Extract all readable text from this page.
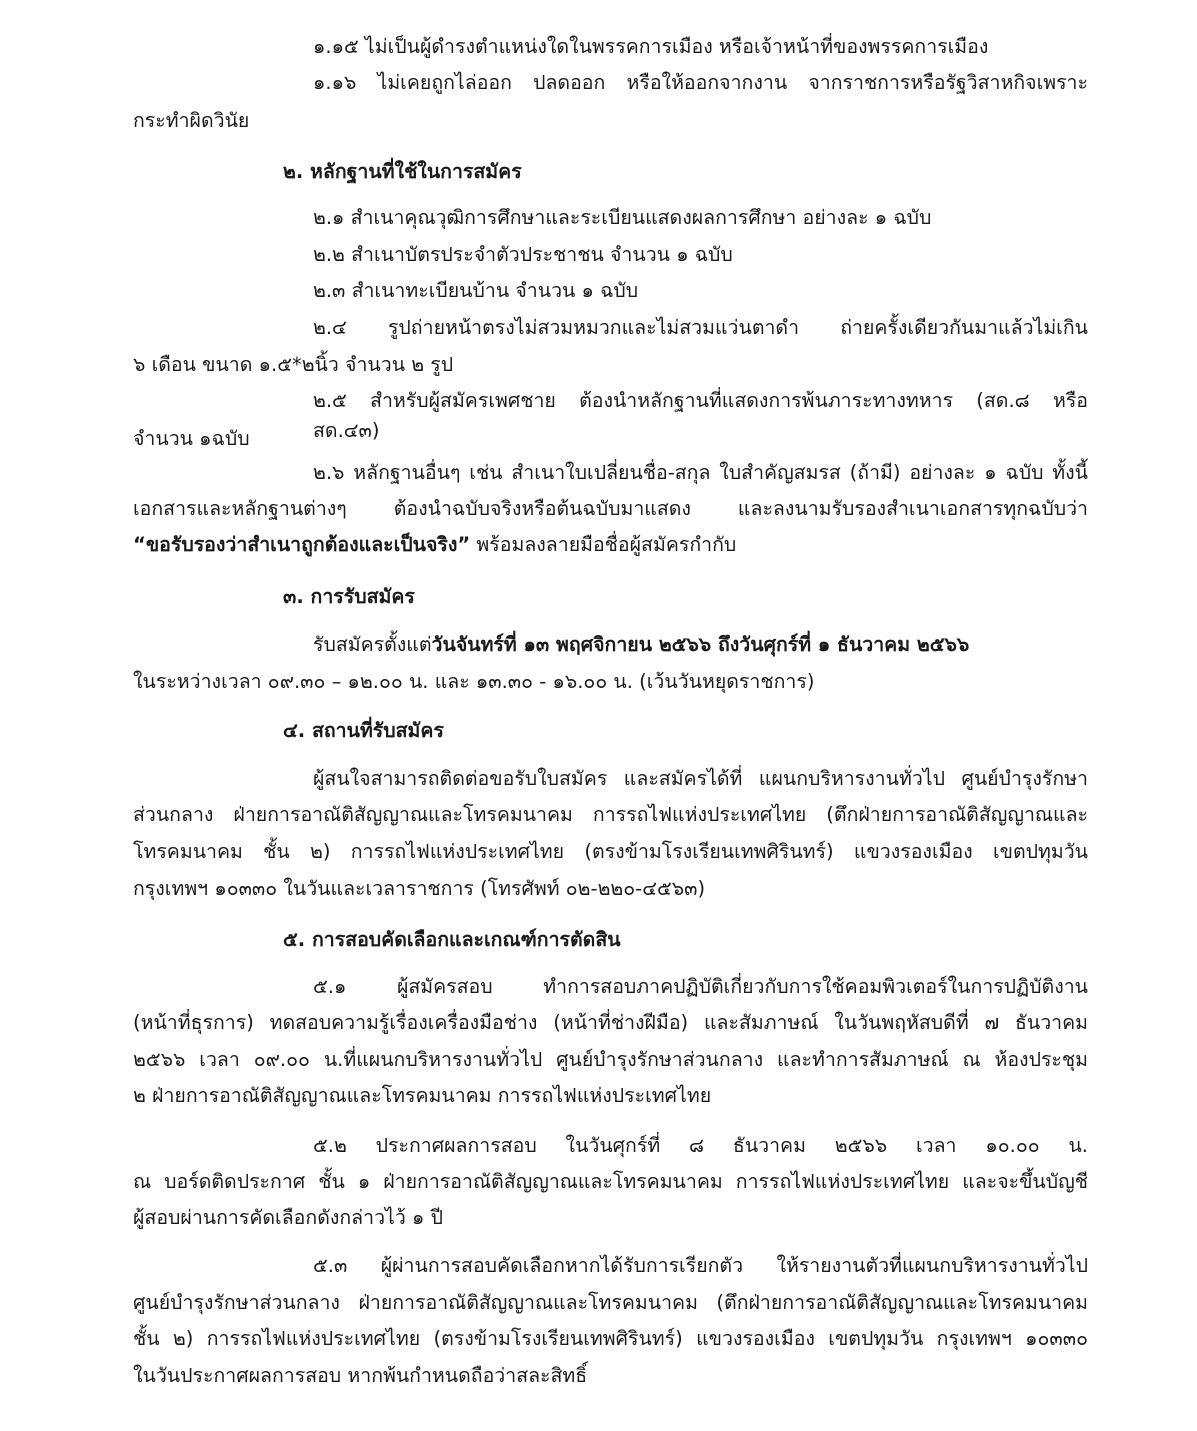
๑.๑๕ ไม่เป็นผู้ดำรงตำแหน่งใดในพรรคการเมือง หรือเจ้าหน้าที่ของพรรคการเมือง
๑.๑๖ ไม่เคยถูกไล่ออก ปลดออก หรือให้ออกจากงาน จากราชการหรือรัฐวิสาหกิจเพราะ
กระทำผิดวินัย
๒. หลักฐานที่ใช้ในการสมัคร
๒.๑ สำเนาคุณวุฒิการศึกษาและระเบียนแสดงผลการศึกษา อย่างละ ๑ ฉบับ
๒.๒ สำเนาบัตรประจำตัวประชาชน จำนวน ๑ ฉบับ
๒.๓ สำเนาทะเบียนบ้าน จำนวน ๑ ฉบับ
๒.๔ รูปถ่ายหน้าตรงไม่สวมหมวกและไม่สวมแว่นตาดำ ถ่ายครั้งเดียวกันมาแล้วไม่เกิน
๖ เดือน ขนาด ๑.๕*๒นิ้ว จำนวน ๒ รูป
๒.๕ สำหรับผู้สมัครเพศชาย ต้องนำหลักฐานที่แสดงการพ้นภาระทางทหาร (สด.๘ หรือ สด.๔๓)
จำนวน ๑ฉบับ
๒.๖ หลักฐานอื่นๆ เช่น สำเนาใบเปลี่ยนชื่อ-สกุล ใบสำคัญสมรส (ถ้ามี) อย่างละ ๑ ฉบับ ทั้งนี้
เอกสารและหลักฐานต่างๆ ต้องนำฉบับจริงหรือต้นฉบับมาแสดง และลงนามรับรองสำเนาเอกสารทุกฉบับว่า
“ขอรับรองว่าสำเนาถูกต้องและเป็นจริง” พร้อมลงลายมือชื่อผู้สมัครกำกับ
๓. การรับสมัคร
รับสมัครตั้งแต่วันจันทร์ที่ ๑๓ พฤศจิกายน ๒๕๖๖ ถึงวันศุกร์ที่ ๑ ธันวาคม ๒๕๖๖
ในระหว่างเวลา ๐๙.๓๐ – ๑๒.๐๐ น. และ ๑๓.๓๐ - ๑๖.๐๐ น. (เว้นวันหยุดราชการ)
๔. สถานที่รับสมัคร
ผู้สนใจสามารถติดต่อขอรับใบสมัคร และสมัครได้ที่ แผนกบริหารงานทั่วไป ศูนย์บำรุงรักษา
ส่วนกลาง ฝ่ายการอาณัติสัญญาณและโทรคมนาคม การรถไฟแห่งประเทศไทย (ตึกฝ่ายการอาณัติสัญญาณและ
โทรคมนาคม ชั้น ๒) การรถไฟแห่งประเทศไทย (ตรงข้ามโรงเรียนเทพศิรินทร์) แขวงรองเมือง เขตปทุมวัน
กรุงเทพฯ ๑๐๓๓๐ ในวันและเวลาราชการ (โทรศัพท์ ๐๒-๒๒๐-๔๕๖๓)
๕. การสอบคัดเลือกและเกณฑ์การตัดสิน
๕.๑ ผู้สมัครสอบ ทำการสอบภาคปฏิบัติเกี่ยวกับการใช้คอมพิวเตอร์ในการปฏิบัติงาน
(หน้าที่ธุรการ) ทดสอบความรู้เรื่องเครื่องมือช่าง (หน้าที่ช่างฝีมือ) และสัมภาษณ์ ในวันพฤหัสบดีที่ ๗ ธันวาคม
๒๕๖๖ เวลา ๐๙.๐๐ น.ที่แผนกบริหารงานทั่วไป ศูนย์บำรุงรักษาส่วนกลาง และทำการสัมภาษณ์ ณ ห้องประชุม
๒ ฝ่ายการอาณัติสัญญาณและโทรคมนาคม การรถไฟแห่งประเทศไทย
๕.๒ ประกาศผลการสอบ ในวันศุกร์ที่ ๘ ธันวาคม ๒๕๖๖ เวลา ๑๐.๐๐ น.
ณ บอร์ดติดประกาศ ชั้น ๑ ฝ่ายการอาณัติสัญญาณและโทรคมนาคม การรถไฟแห่งประเทศไทย และจะขึ้นบัญชี
ผู้สอบผ่านการคัดเลือกดังกล่าวไว้ ๑ ปี
๕.๓ ผู้ผ่านการสอบคัดเลือกหากได้รับการเรียกตัว ให้รายงานตัวที่แผนกบริหารงานทั่วไป
ศูนย์บำรุงรักษาส่วนกลาง ฝ่ายการอาณัติสัญญาณและโทรคมนาคม (ตึกฝ่ายการอาณัติสัญญาณและโทรคมนาคม
ชั้น ๒) การรถไฟแห่งประเทศไทย (ตรงข้ามโรงเรียนเทพศิรินทร์) แขวงรองเมือง เขตปทุมวัน กรุงเทพฯ ๑๐๓๓๐
ในวันประกาศผลการสอบ หากพ้นกำหนดถือว่าสละสิทธิ์
